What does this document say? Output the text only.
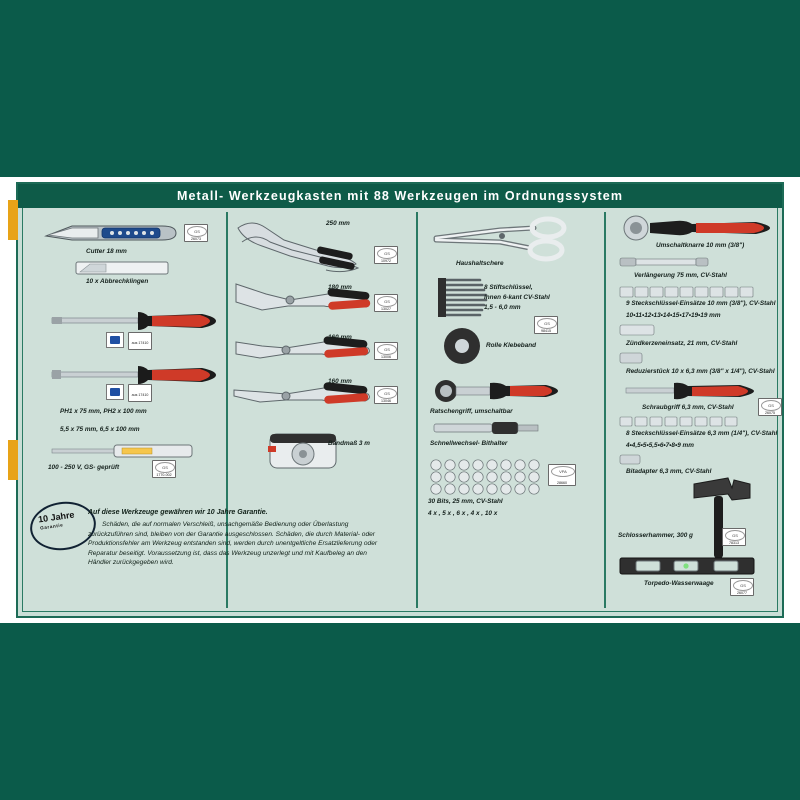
Metall- Werkzeugkasten mit 88 Werkzeugen im Ordnungssystem
GS
26073
Cutter 18 mm
10 x Abbrechklingen
aus 17410
aus 17410
PH1 x 75 mm, PH2 x 100 mm
5,5 x 75 mm, 6,5 x 100 mm
100 - 250 V, GS- geprüft	GS
1770-002
250 mm
GS
10972
180 mm
GS
13027
160 mm
GS
13006
160 mm
GS
13046
Bandmaß 3 m
Haushaltschere
8 Stiftschlüssel,
Innen 6-kant CV-Stahl
1,5 - 6,0 mm
GS
98415
Rolle Klebeband
Ratschengriff, umschaltbar
Schnellwechsel- Bithalter
VPA
28660
30 Bits, 25 mm, CV-Stahl
4 x , 5 x , 6 x , 4 x , 10 x
Umschaltknarre 10 mm (3/8")
Verlängerung 75 mm, CV-Stahl
9 Steckschlüssel-Einsätze 10 mm (3/8"), CV-Stahl
10•11•12•13•14•15•17•19•19 mm
Zündkerzeneinsatz, 21 mm, CV-Stahl
Reduzierstück 10 x 6,3 mm (3/8" x 1/4"), CV-Stahl
Schraubgriff 6,3 mm, CV-Stahl	GS
26075
8 Steckschlüssel-Einsätze 6,3 mm (1/4"), CV-Stahl
4•4,5•5•5,5•6•7•8•9 mm
Bitadapter 6,3 mm, CV-Stahl
Schlosserhammer, 300 g	GS
78313
Torpedo-Wasserwaage	GS
26077
10 Jahre
Garantie
Auf diese Werkzeuge gewähren wir 10 Jahre Garantie.
Schäden, die auf normalen Verschleiß, unsachgemäße Bedienung oder Überlastung zurückzuführen sind, bleiben von der Garantie ausgeschlossen. Schäden, die durch Material- oder Produktionsfehler am Werkzeug entstanden sind, werden durch unentgeltliche Ersatzlieferung oder Reparatur beseitigt. Voraussetzung ist, dass das Werkzeug unzerlegt und mit Kaufbeleg an den Händler zurückgegeben wird.
